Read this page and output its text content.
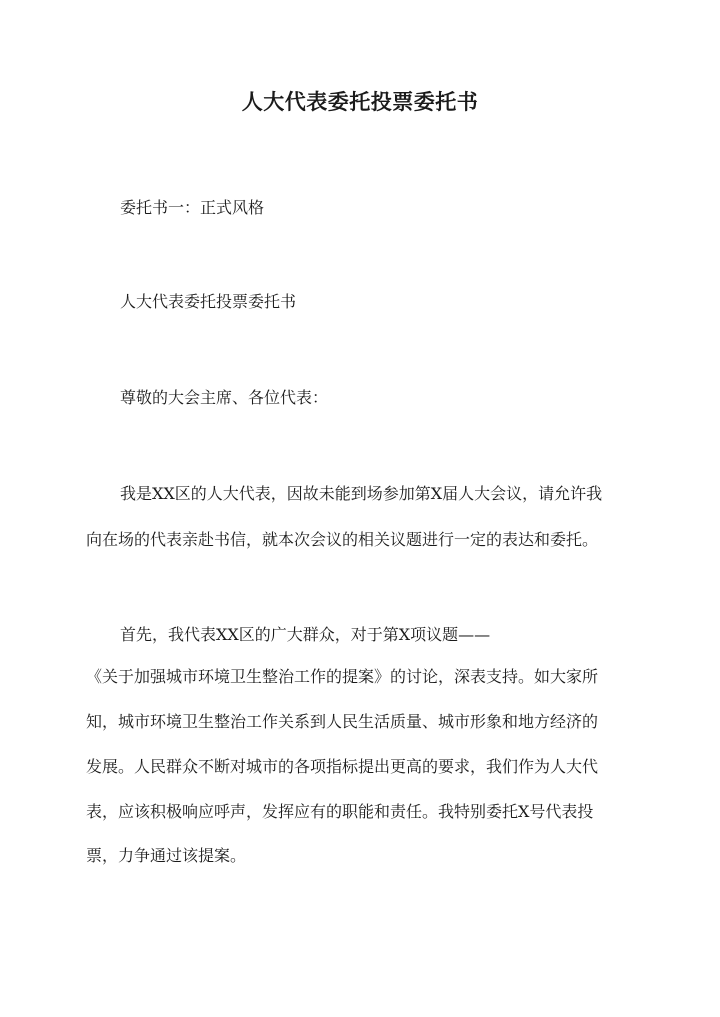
人大代表委托投票委托书
委托书一：正式风格
人大代表委托投票委托书
尊敬的大会主席、各位代表：
我是XX区的人大代表，因故未能到场参加第X届人大会议，请允许我
向在场的代表亲赴书信，就本次会议的相关议题进行一定的表达和委托。
首先，我代表XX区的广大群众，对于第X项议题——
《关于加强城市环境卫生整治工作的提案》的讨论，深表支持。如大家所
知，城市环境卫生整治工作关系到人民生活质量、城市形象和地方经济的
发展。人民群众不断对城市的各项指标提出更高的要求，我们作为人大代
表，应该积极响应呼声，发挥应有的职能和责任。我特别委托X号代表投
票，力争通过该提案。
